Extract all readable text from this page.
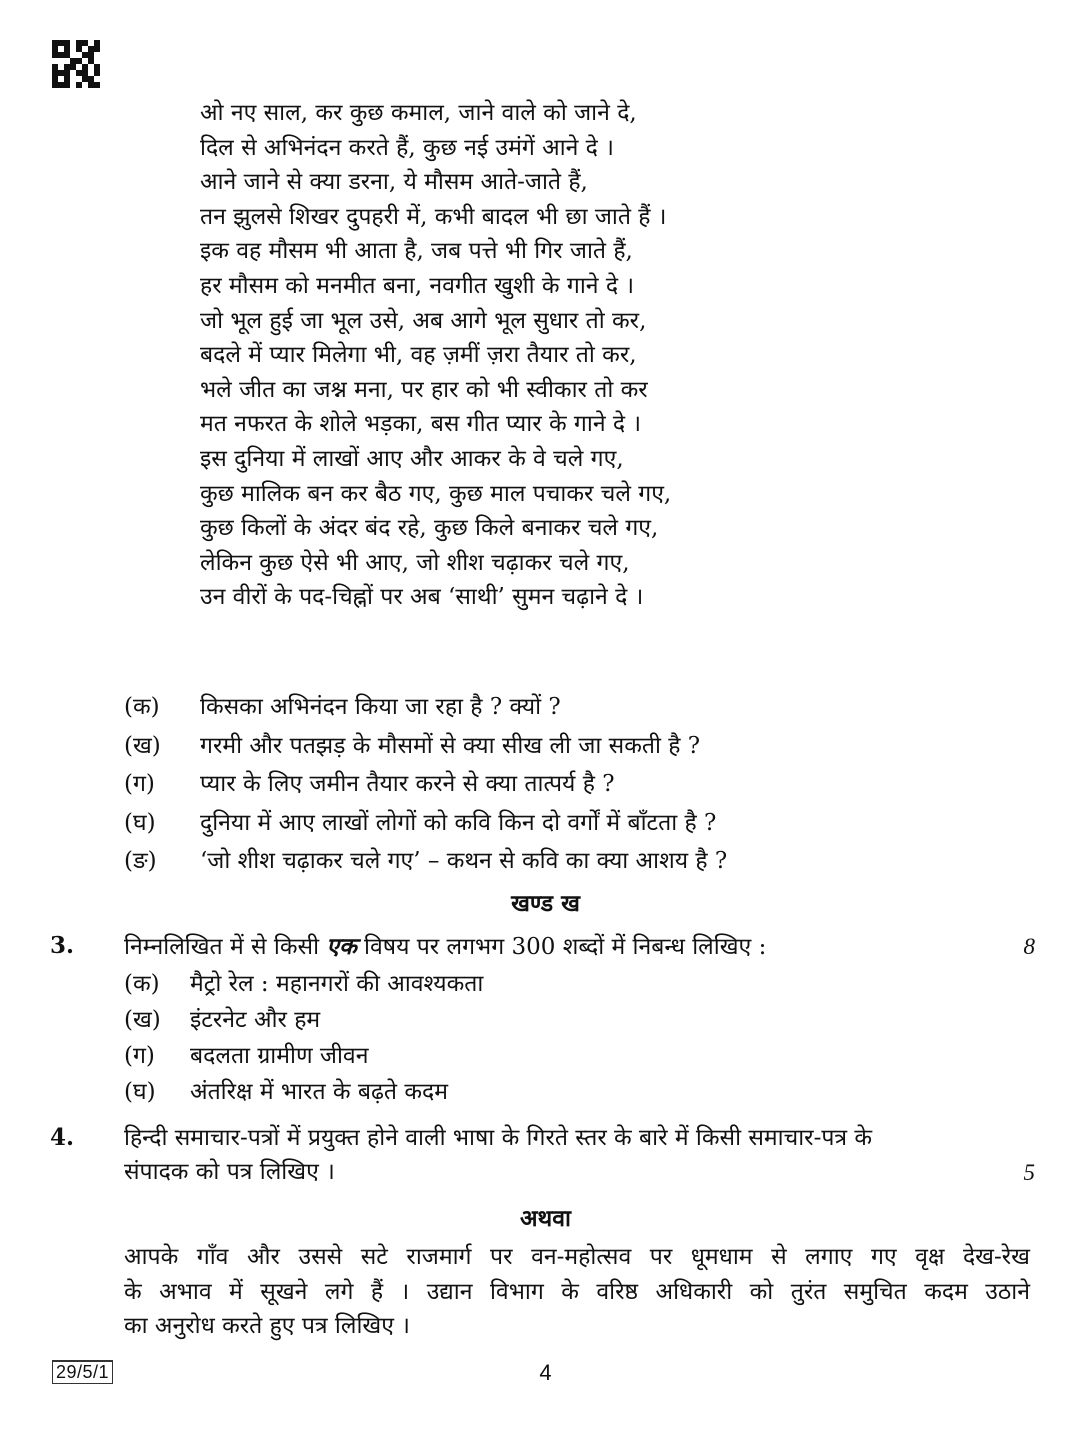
ओ नए साल, कर कुछ कमाल, जाने वाले को जाने दे,
दिल से अभिनंदन करते हैं, कुछ नई उमंगें आने दे ।
आने जाने से क्या डरना, ये मौसम आते-जाते हैं,
तन झुलसे शिखर दुपहरी में, कभी बादल भी छा जाते हैं ।
इक वह मौसम भी आता है, जब पत्ते भी गिर जाते हैं,
हर मौसम को मनमीत बना, नवगीत खुशी के गाने दे ।
जो भूल हुई जा भूल उसे, अब आगे भूल सुधार तो कर,
बदले में प्यार मिलेगा भी, वह ज़मीं ज़रा तैयार तो कर,
भले जीत का जश्न मना, पर हार को भी स्वीकार तो कर
मत नफरत के शोले भड़का, बस गीत प्यार के गाने दे ।
इस दुनिया में लाखों आए और आकर के वे चले गए,
कुछ मालिक बन कर बैठ गए, कुछ माल पचाकर चले गए,
कुछ किलों के अंदर बंद रहे, कुछ किले बनाकर चले गए,
लेकिन कुछ ऐसे भी आए, जो शीश चढ़ाकर चले गए,
उन वीरों के पद-चिह्नों पर अब ‘साथी’ सुमन चढ़ाने दे ।
(क) किसका अभिनंदन किया जा रहा है ? क्यों ?
(ख) गरमी और पतझड़ के मौसमों से क्या सीख ली जा सकती है ?
(ग) प्यार के लिए जमीन तैयार करने से क्या तात्पर्य है ?
(घ) दुनिया में आए लाखों लोगों को कवि किन दो वर्गों में बाँटता है ?
(ङ) ‘जो शीश चढ़ाकर चले गए’ – कथन से कवि का क्या आशय है ?
खण्ड ख
3. निम्नलिखित में से किसी एक विषय पर लगभग 300 शब्दों में निबन्ध लिखिए :	8
(क) मैट्रो रेल : महानगरों की आवश्यकता
(ख) इंटरनेट और हम
(ग) बदलता ग्रामीण जीवन
(घ) अंतरिक्ष में भारत के बढ़ते कदम
4. हिन्दी समाचार-पत्रों में प्रयुक्त होने वाली भाषा के गिरते स्तर के बारे में किसी समाचार-पत्र के
संपादक को पत्र लिखिए ।	5
अथवा
आपके गाँव और उससे सटे राजमार्ग पर वन-महोत्सव पर धूमधाम से लगाए गए वृक्ष देख-रेख
के अभाव में सूखने लगे हैं । उद्यान विभाग के वरिष्ठ अधिकारी को तुरंत समुचित कदम उठाने
का अनुरोध करते हुए पत्र लिखिए ।
29/5/1	4
